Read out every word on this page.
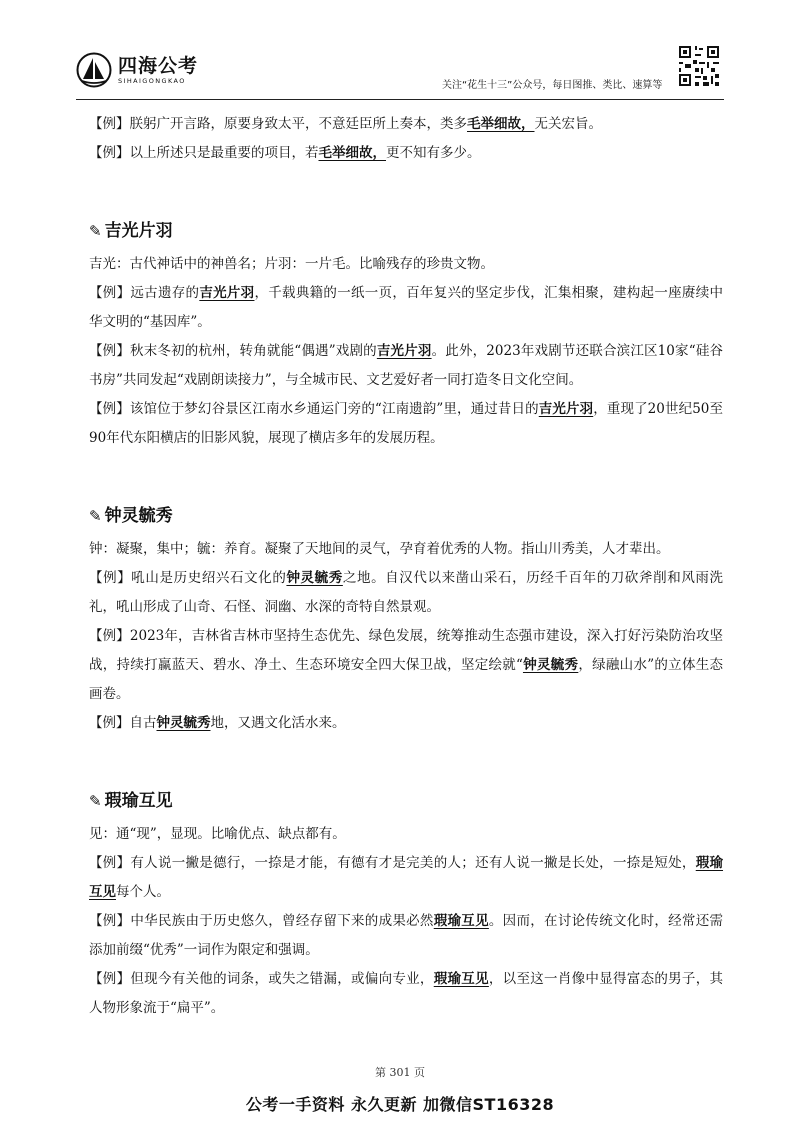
四海公考
SIHAIGONGKAO	关注“花生十三”公众号，每日图推、类比、速算等

【例】朕躬广开言路，原要身致太平，不意廷臣所上奏本，类多毛举细故，无关宏旨。

【例】以上所述只是最重要的项目，若毛举细故，更不知有多少。

✎ 吉光片羽

吉光：古代神话中的神兽名；片羽：一片毛。比喻残存的珍贵文物。

【例】远古遗存的吉光片羽，千载典籍的一纸一页，百年复兴的坚定步伐，汇集相聚，建构起一座赓续中华文明的“基因库”。

【例】秋末冬初的杭州，转角就能“偶遇”戏剧的吉光片羽。此外，2023年戏剧节还联合滨江区10家“硅谷书房”共同发起“戏剧朗读接力”，与全城市民、文艺爱好者一同打造冬日文化空间。

【例】该馆位于梦幻谷景区江南水乡通运门旁的“江南遗韵”里，通过昔日的吉光片羽，重现了20世纪50至90年代东阳横店的旧影风貌，展现了横店多年的发展历程。

✎ 钟灵毓秀

钟：凝聚，集中；毓：养育。凝聚了天地间的灵气，孕育着优秀的人物。指山川秀美，人才辈出。

【例】吼山是历史绍兴石文化的钟灵毓秀之地。自汉代以来凿山采石，历经千百年的刀砍斧削和风雨洗礼，吼山形成了山奇、石怪、洞幽、水深的奇特自然景观。

【例】2023年，吉林省吉林市坚持生态优先、绿色发展，统筹推动生态强市建设，深入打好污染防治攻坚战，持续打赢蓝天、碧水、净土、生态环境安全四大保卫战，坚定绘就“钟灵毓秀，绿融山水”的立体生态画卷。

【例】自古钟灵毓秀地，又遇文化活水来。

✎ 瑕瑜互见

见：通“现”，显现。比喻优点、缺点都有。

【例】有人说一撇是德行，一捺是才能，有德有才是完美的人；还有人说一撇是长处，一捺是短处，瑕瑜互见每个人。

【例】中华民族由于历史悠久，曾经存留下来的成果必然瑕瑜互见。因而，在讨论传统文化时，经常还需添加前缀“优秀”一词作为限定和强调。

【例】但现今有关他的词条，或失之错漏，或偏向专业，瑕瑜互见，以至这一肖像中显得富态的男子，其人物形象流于“扁平”。

第 301 页
公考一手资料 永久更新 加微信ST16328
